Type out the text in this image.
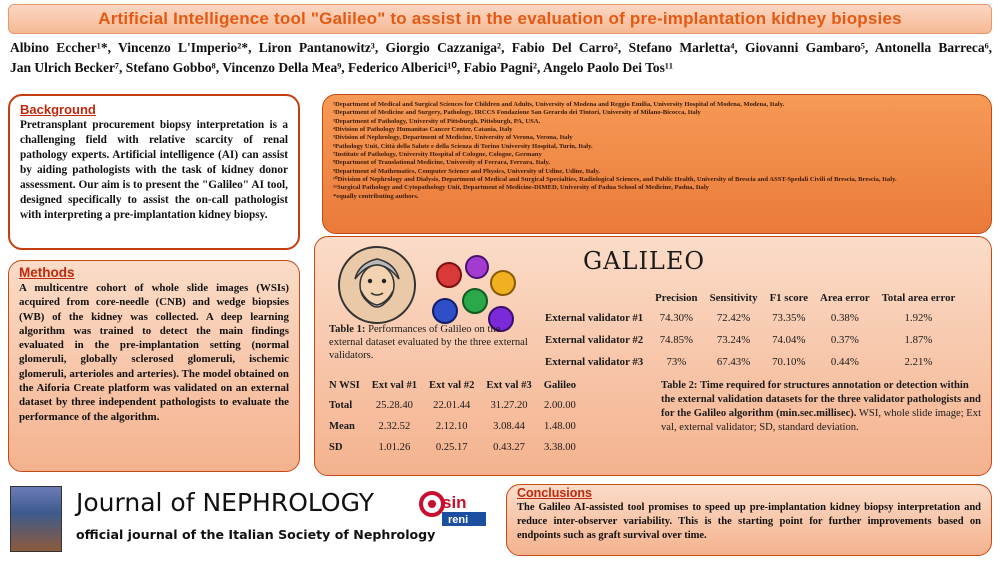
Artificial Intelligence tool "Galileo" to assist in the evaluation of pre-implantation kidney biopsies
Albino Eccher¹*, Vincenzo L'Imperio²*, Liron Pantanowitz³, Giorgio Cazzaniga², Fabio Del Carro², Stefano Marletta⁴, Giovanni Gambaro⁵, Antonella Barreca⁶, Jan Ulrich Becker⁷, Stefano Gobbo⁸, Vincenzo Della Mea⁹, Federico Alberici¹⁰, Fabio Pagni², Angelo Paolo Dei Tos¹¹
Background
Pretransplant procurement biopsy interpretation is a challenging field with relative scarcity of renal pathology experts. Artificial intelligence (AI) can assist by aiding pathologists with the task of kidney donor assessment. Our aim is to present the "Galileo" AI tool, designed specifically to assist the on-call pathologist with interpreting a pre-implantation kidney biopsy.
¹Department of Medical and Surgical Sciences for Children and Adults, University of Modena and Reggio Emilia, University Hospital of Modena, Modena, Italy.
²Department of Medicine and Surgery, Pathology, IRCCS Fondazione San Gerardo dei Tintori, University of Milano-Bicocca, Italy
³Department of Pathology, University of Pittsburgh, Pittsburgh, PA, USA.
⁴Division of Pathology Humanitas Cancer Center, Catania, Italy
⁵Division of Nephrology, Department of Medicine, University of Verona, Verona, Italy
⁶Pathology Unit, Città della Salute e della Scienza di Torino University Hospital, Turin, Italy.
⁷Institute of Pathology, University Hospital of Cologne, Cologne, Germany
⁸Department of Translational Medicine, University of Ferrara, Ferrara, Italy.
⁹Department of Mathematics, Computer Science and Physics, University of Udine, Udine, Italy.
¹⁰Division of Nephrology and Dialysis, Department of Medical and Surgical Specialties, Radiological Sciences, and Public Health, University of Brescia and ASST-Spedali Civili of Brescia, Brescia, Italy.
¹¹Surgical Pathology and Cytopathology Unit, Department of Medicine-DIMED, University of Padua School of Medicine, Padua, Italy
*equally contributing authors.
Methods
A multicentre cohort of whole slide images (WSIs) acquired from core-needle (CNB) and wedge biopsies (WB) of the kidney was collected. A deep learning algorithm was trained to detect the main findings evaluated in the pre-implantation setting (normal glomeruli, globally sclerosed glomeruli, ischemic glomeruli, arterioles and arteries). The model obtained on the Aiforia Create platform was validated on an external dataset by three independent pathologists to evaluate the performance of the algorithm.
GALILEO
Table 1: Performances of Galileo on the external dataset evaluated by the three external validators.
	Precision	Sensitivity	F1 score	Area error	Total area error
External validator #1	74.30%	72.42%	73.35%	0.38%	1.92%
External validator #2	74.85%	73.24%	74.04%	0.37%	1.87%
External validator #3	73%	67.43%	70.10%	0.44%	2.21%
N WSI	Ext val #1	Ext val #2	Ext val #3	Galileo
Total	25.28.40	22.01.44	31.27.20	2.00.00
Mean	2.32.52	2.12.10	3.08.44	1.48.00
SD	1.01.26	0.25.17	0.43.27	3.38.00
Table 2: Time required for structures annotation or detection within the external validation datasets for the three validator pathologists and for the Galileo algorithm (min.sec.millisec). WSI, whole slide image; Ext val, external validator; SD, standard deviation.
Journal of NEPHROLOGY
official journal of the Italian Society of Nephrology
sin
reni
Conclusions
The Galileo AI-assisted tool promises to speed up pre-implantation kidney biopsy interpretation and reduce inter-observer variability. This is the starting point for further improvements based on endpoints such as graft survival over time.
